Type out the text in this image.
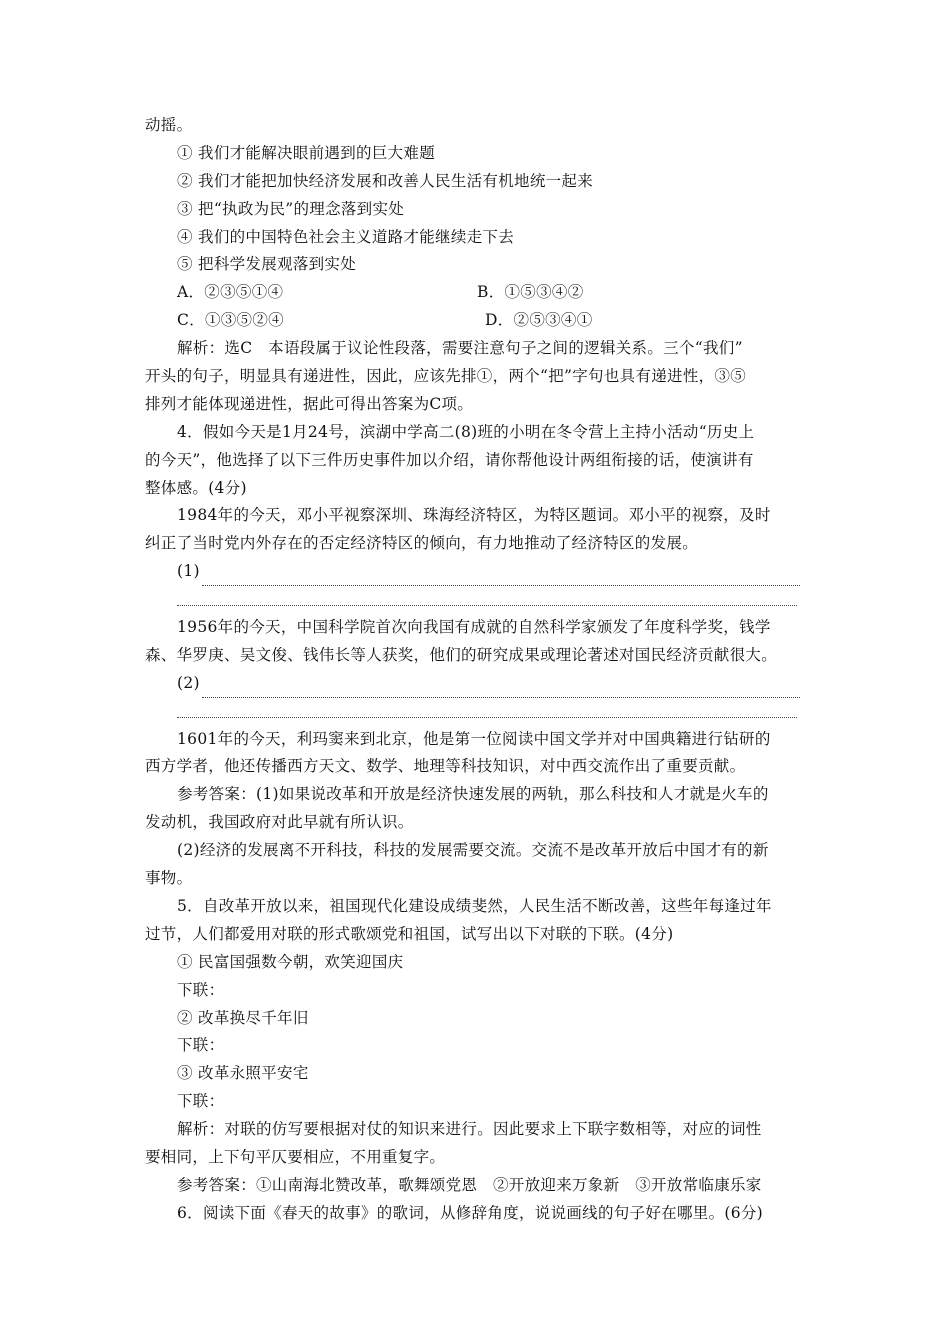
动摇。
① 我们才能解决眼前遇到的巨大难题
② 我们才能把加快经济发展和改善人民生活有机地统一起来
③ 把“执政为民”的理念落到实处
④ 我们的中国特色社会主义道路才能继续走下去
⑤ 把科学发展观落到实处
A．②③⑤①④	B．①⑤③④②
C．①③⑤②④	D．②⑤③④①
解析：选C　本语段属于议论性段落，需要注意句子之间的逻辑关系。三个“我们”
开头的句子，明显具有递进性，因此，应该先排①，两个“把”字句也具有递进性，③⑤
排列才能体现递进性，据此可得出答案为C项。
4．假如今天是1月24号，滨湖中学高二(8)班的小明在冬令营上主持小活动“历史上
的今天”，他选择了以下三件历史事件加以介绍，请你帮他设计两组衔接的话，使演讲有
整体感。(4分)
1984年的今天，邓小平视察深圳、珠海经济特区，为特区题词。邓小平的视察，及时
纠正了当时党内外存在的否定经济特区的倾向，有力地推动了经济特区的发展。
(1)
1956年的今天，中国科学院首次向我国有成就的自然科学家颁发了年度科学奖，钱学
森、华罗庚、吴文俊、钱伟长等人获奖，他们的研究成果或理论著述对国民经济贡献很大。
(2)
1601年的今天，利玛窦来到北京，他是第一位阅读中国文学并对中国典籍进行钻研的
西方学者，他还传播西方天文、数学、地理等科技知识，对中西交流作出了重要贡献。
参考答案：(1)如果说改革和开放是经济快速发展的两轨，那么科技和人才就是火车的
发动机，我国政府对此早就有所认识。
(2)经济的发展离不开科技，科技的发展需要交流。交流不是改革开放后中国才有的新
事物。
5．自改革开放以来，祖国现代化建设成绩斐然，人民生活不断改善，这些年每逢过年
过节，人们都爱用对联的形式歌颂党和祖国，试写出以下对联的下联。(4分)
① 民富国强数今朝，欢笑迎国庆
下联：
② 改革换尽千年旧
下联：
③ 改革永照平安宅
下联：
解析：对联的仿写要根据对仗的知识来进行。因此要求上下联字数相等，对应的词性
要相同，上下句平仄要相应，不用重复字。
参考答案：①山南海北赞改革，歌舞颂党恩　②开放迎来万象新　③开放常临康乐家
6．阅读下面《春天的故事》的歌词，从修辞角度，说说画线的句子好在哪里。(6分)
